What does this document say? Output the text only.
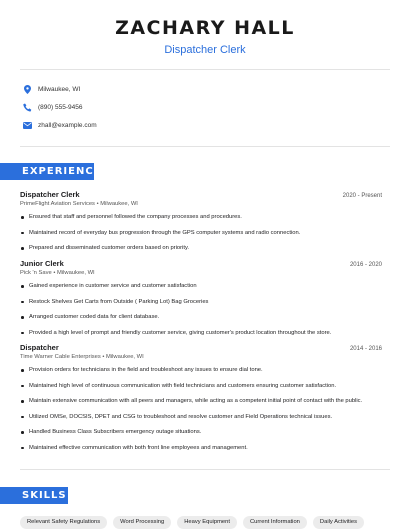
ZACHARY HALL
Dispatcher Clerk
Milwaukee, WI
(890) 555-9456
zhall@example.com
EXPERIENCE
Dispatcher Clerk	2020 - Present
PrimeFlight Aviation Services • Milwaukee, WI
Ensured that staff and personnel followed the company processes and procedures.
Maintained record of everyday bus progression through the GPS computer systems and radio connection.
Prepared and disseminated customer orders based on priority.
Junior Clerk	2016 - 2020
Pick 'n Save • Milwaukee, WI
Gained experience in customer service and customer satisfaction
Restock Shelves Get Carts from Outside ( Parking Lot) Bag Groceries
Arranged customer coded data for client database.
Provided a high level of prompt and friendly customer service, giving customer's product location throughout the store.
Dispatcher	2014 - 2016
Time Warner Cable Enterprises • Milwaukee, WI
Provision orders for technicians in the field and troubleshoot any issues to ensure dial tone.
Maintained high level of continuous communication with field technicians and customers ensuring customer satisfaction.
Maintain extensive communication with all peers and managers, while acting as a competent initial point of contact with the public.
Utilized OMSe, DOCSIS, DPET and CSG to troubleshoot and resolve customer and Field Operations technical issues.
Handled Business Class Subscribers emergency outage situations.
Maintained effective communication with both front line employees and management.
SKILLS
Relevant Safety Regulations	Word Processing	Heavy Equipment	Current Information	Daily Activities
